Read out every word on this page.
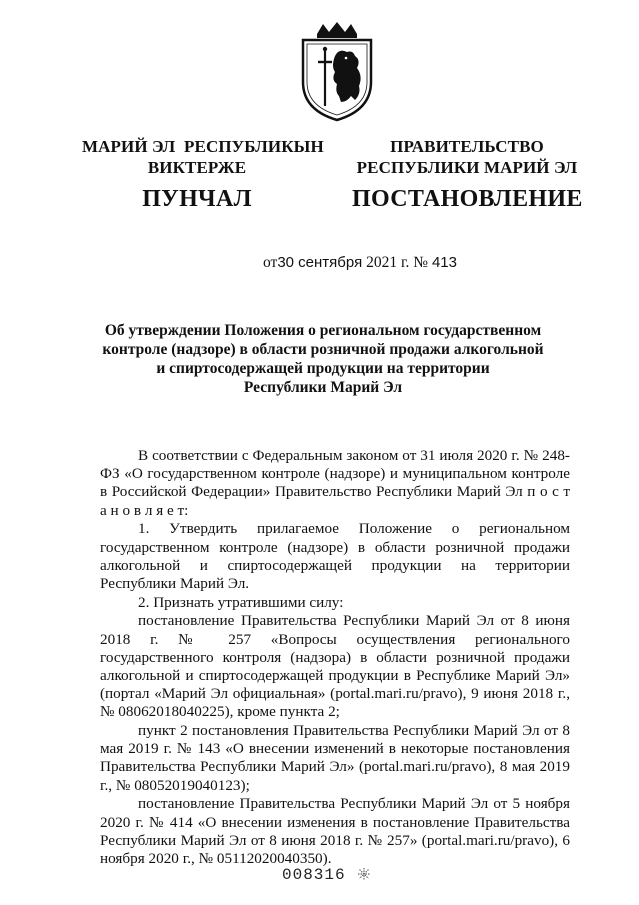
МАРИЙ ЭЛ  РЕСПУБЛИКЫН
ВИКТЕРЖЕ
ПУНЧАЛ
ПРАВИТЕЛЬСТВО
РЕСПУБЛИКИ МАРИЙ ЭЛ
ПОСТАНОВЛЕНИЕ
от30 сентября 2021 г. № 413
Об утверждении Положения о региональном государственном
контроле (надзоре) в области розничной продажи алкогольной
и спиртосодержащей продукции на территории
Республики Марий Эл

В соответствии с Федеральным законом от 31 июля 2020 г. № 248-ФЗ «О государственном контроле (надзоре) и муниципальном контроле в Российской Федерации» Правительство Республики Марий Эл п о с т а н о в л я е т:

1. Утвердить прилагаемое Положение о региональном государственном контроле (надзоре) в области розничной продажи алкогольной и спиртосодержащей продукции на территории Республики Марий Эл.

2. Признать утратившими силу:

постановление Правительства Республики Марий Эл от 8 июня 2018 г. № 257 «Вопросы осуществления регионального государственного контроля (надзора) в области розничной продажи алкогольной и спиртосодержащей продукции в Республике Марий Эл» (портал «Марий Эл официальная» (portal.mari.ru/pravo), 9 июня 2018 г., № 08062018040225), кроме пункта 2;

пункт 2 постановления Правительства Республики Марий Эл от 8 мая 2019 г. № 143 «О внесении изменений в некоторые постановления Правительства Республики Марий Эл» (portal.mari.ru/pravo), 8 мая 2019 г., № 08052019040123);

постановление Правительства Республики Марий Эл от 5 ноября 2020 г. № 414 «О внесении изменения в постановление Правительства Республики Марий Эл от 8 июня 2018 г. № 257» (portal.mari.ru/pravo), 6 ноября 2020 г., № 05112020040350).

008316
